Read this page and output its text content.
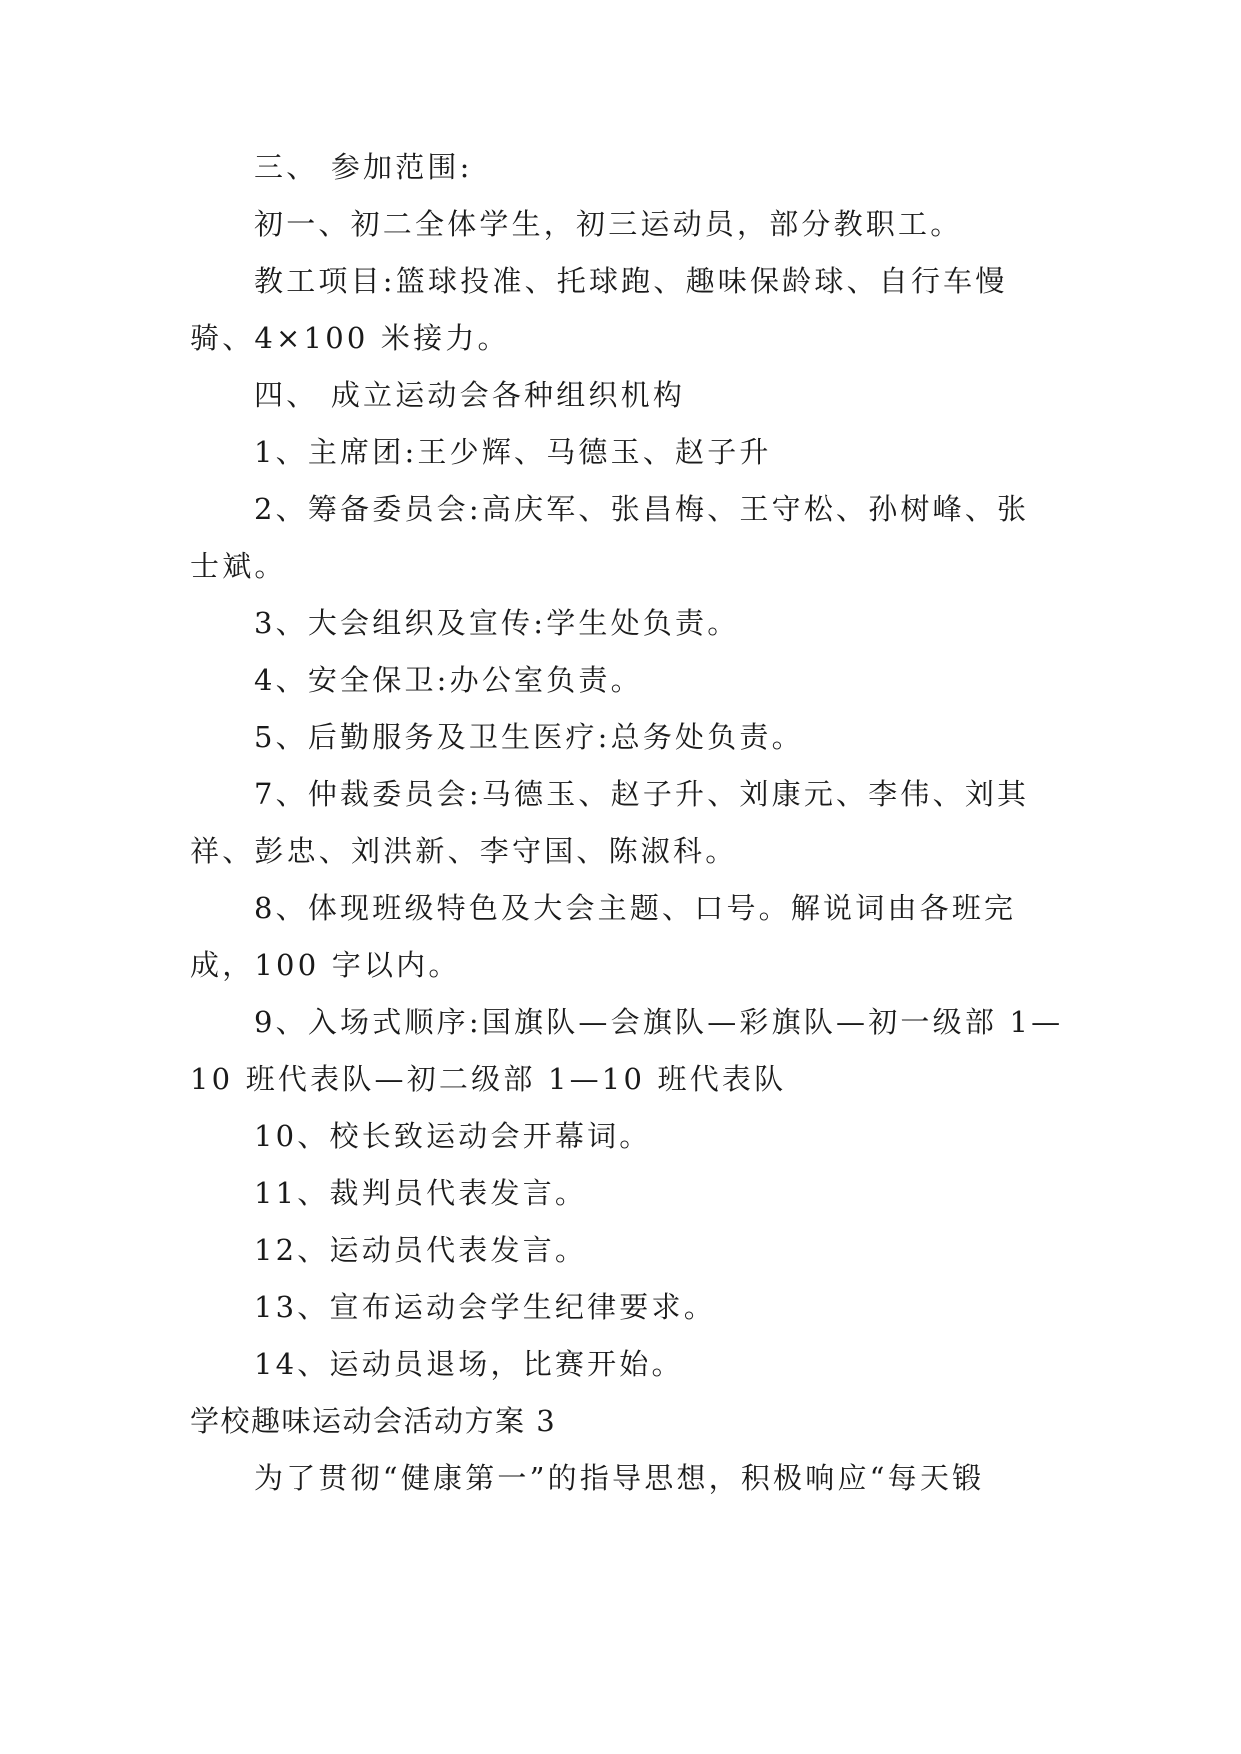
三、 参加范围:
初一、初二全体学生，初三运动员，部分教职工。
教工项目:篮球投准、托球跑、趣味保龄球、自行车慢
骑、4×100 米接力。
四、 成立运动会各种组织机构
1、主席团:王少辉、马德玉、赵子升
2、筹备委员会:高庆军、张昌梅、王守松、孙树峰、张
士斌。
3、大会组织及宣传:学生处负责。
4、安全保卫:办公室负责。
5、后勤服务及卫生医疗:总务处负责。
7、仲裁委员会:马德玉、赵子升、刘康元、李伟、刘其
祥、彭忠、刘洪新、李守国、陈淑科。
8、体现班级特色及大会主题、口号。解说词由各班完
成，100 字以内。
9、入场式顺序:国旗队—会旗队—彩旗队—初一级部 1—
10 班代表队—初二级部 1—10 班代表队
10、校长致运动会开幕词。
11、裁判员代表发言。
12、运动员代表发言。
13、宣布运动会学生纪律要求。
14、运动员退场，比赛开始。
学校趣味运动会活动方案 3
为了贯彻“健康第一”的指导思想，积极响应“每天锻
